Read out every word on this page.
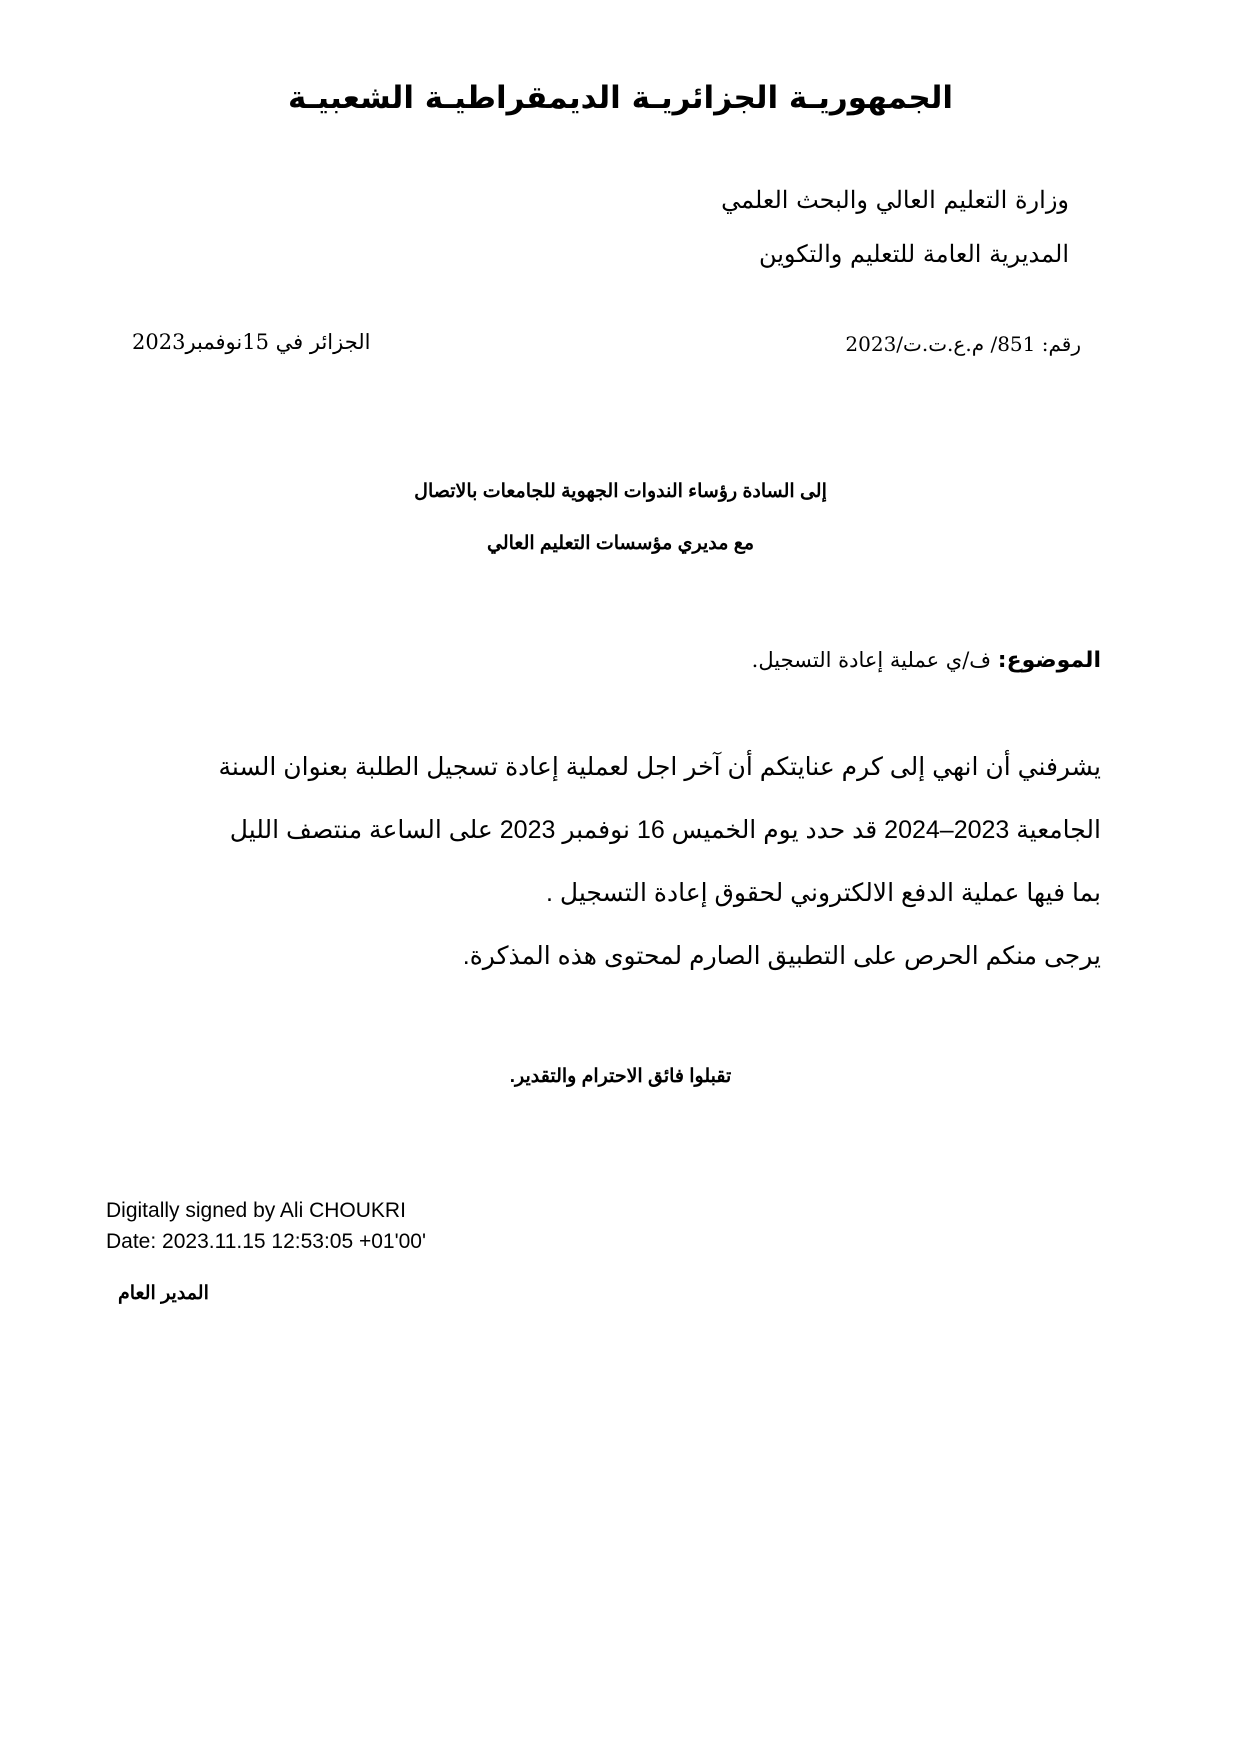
الجمهوريـة الجزائريـة الديمقراطيـة الشعبيـة
وزارة التعليم العالي والبحث العلمي
المديرية العامة للتعليم والتكوين
رقم: 851/ م.ع.ت.ت/2023
الجزائر في 15نوفمبر2023
إلى السادة رؤساء الندوات الجهوية للجامعات بالاتصال
مع مديري مؤسسات التعليم العالي
الموضوع: ف/ي عملية إعادة التسجيل.
يشرفني أن انهي إلى كرم عنايتكم أن آخر اجل لعملية إعادة تسجيل الطلبة بعنوان السنة
الجامعية 2023–2024 قد حدد يوم الخميس 16 نوفمبر 2023 على الساعة منتصف الليل
بما فيها عملية الدفع الالكتروني لحقوق إعادة التسجيل .
يرجى منكم الحرص على التطبيق الصارم لمحتوى هذه المذكرة.
تقبلوا فائق الاحترام والتقدير.
Digitally signed by Ali CHOUKRI
Date: 2023.11.15 12:53:05 +01'00'
المدير العام
